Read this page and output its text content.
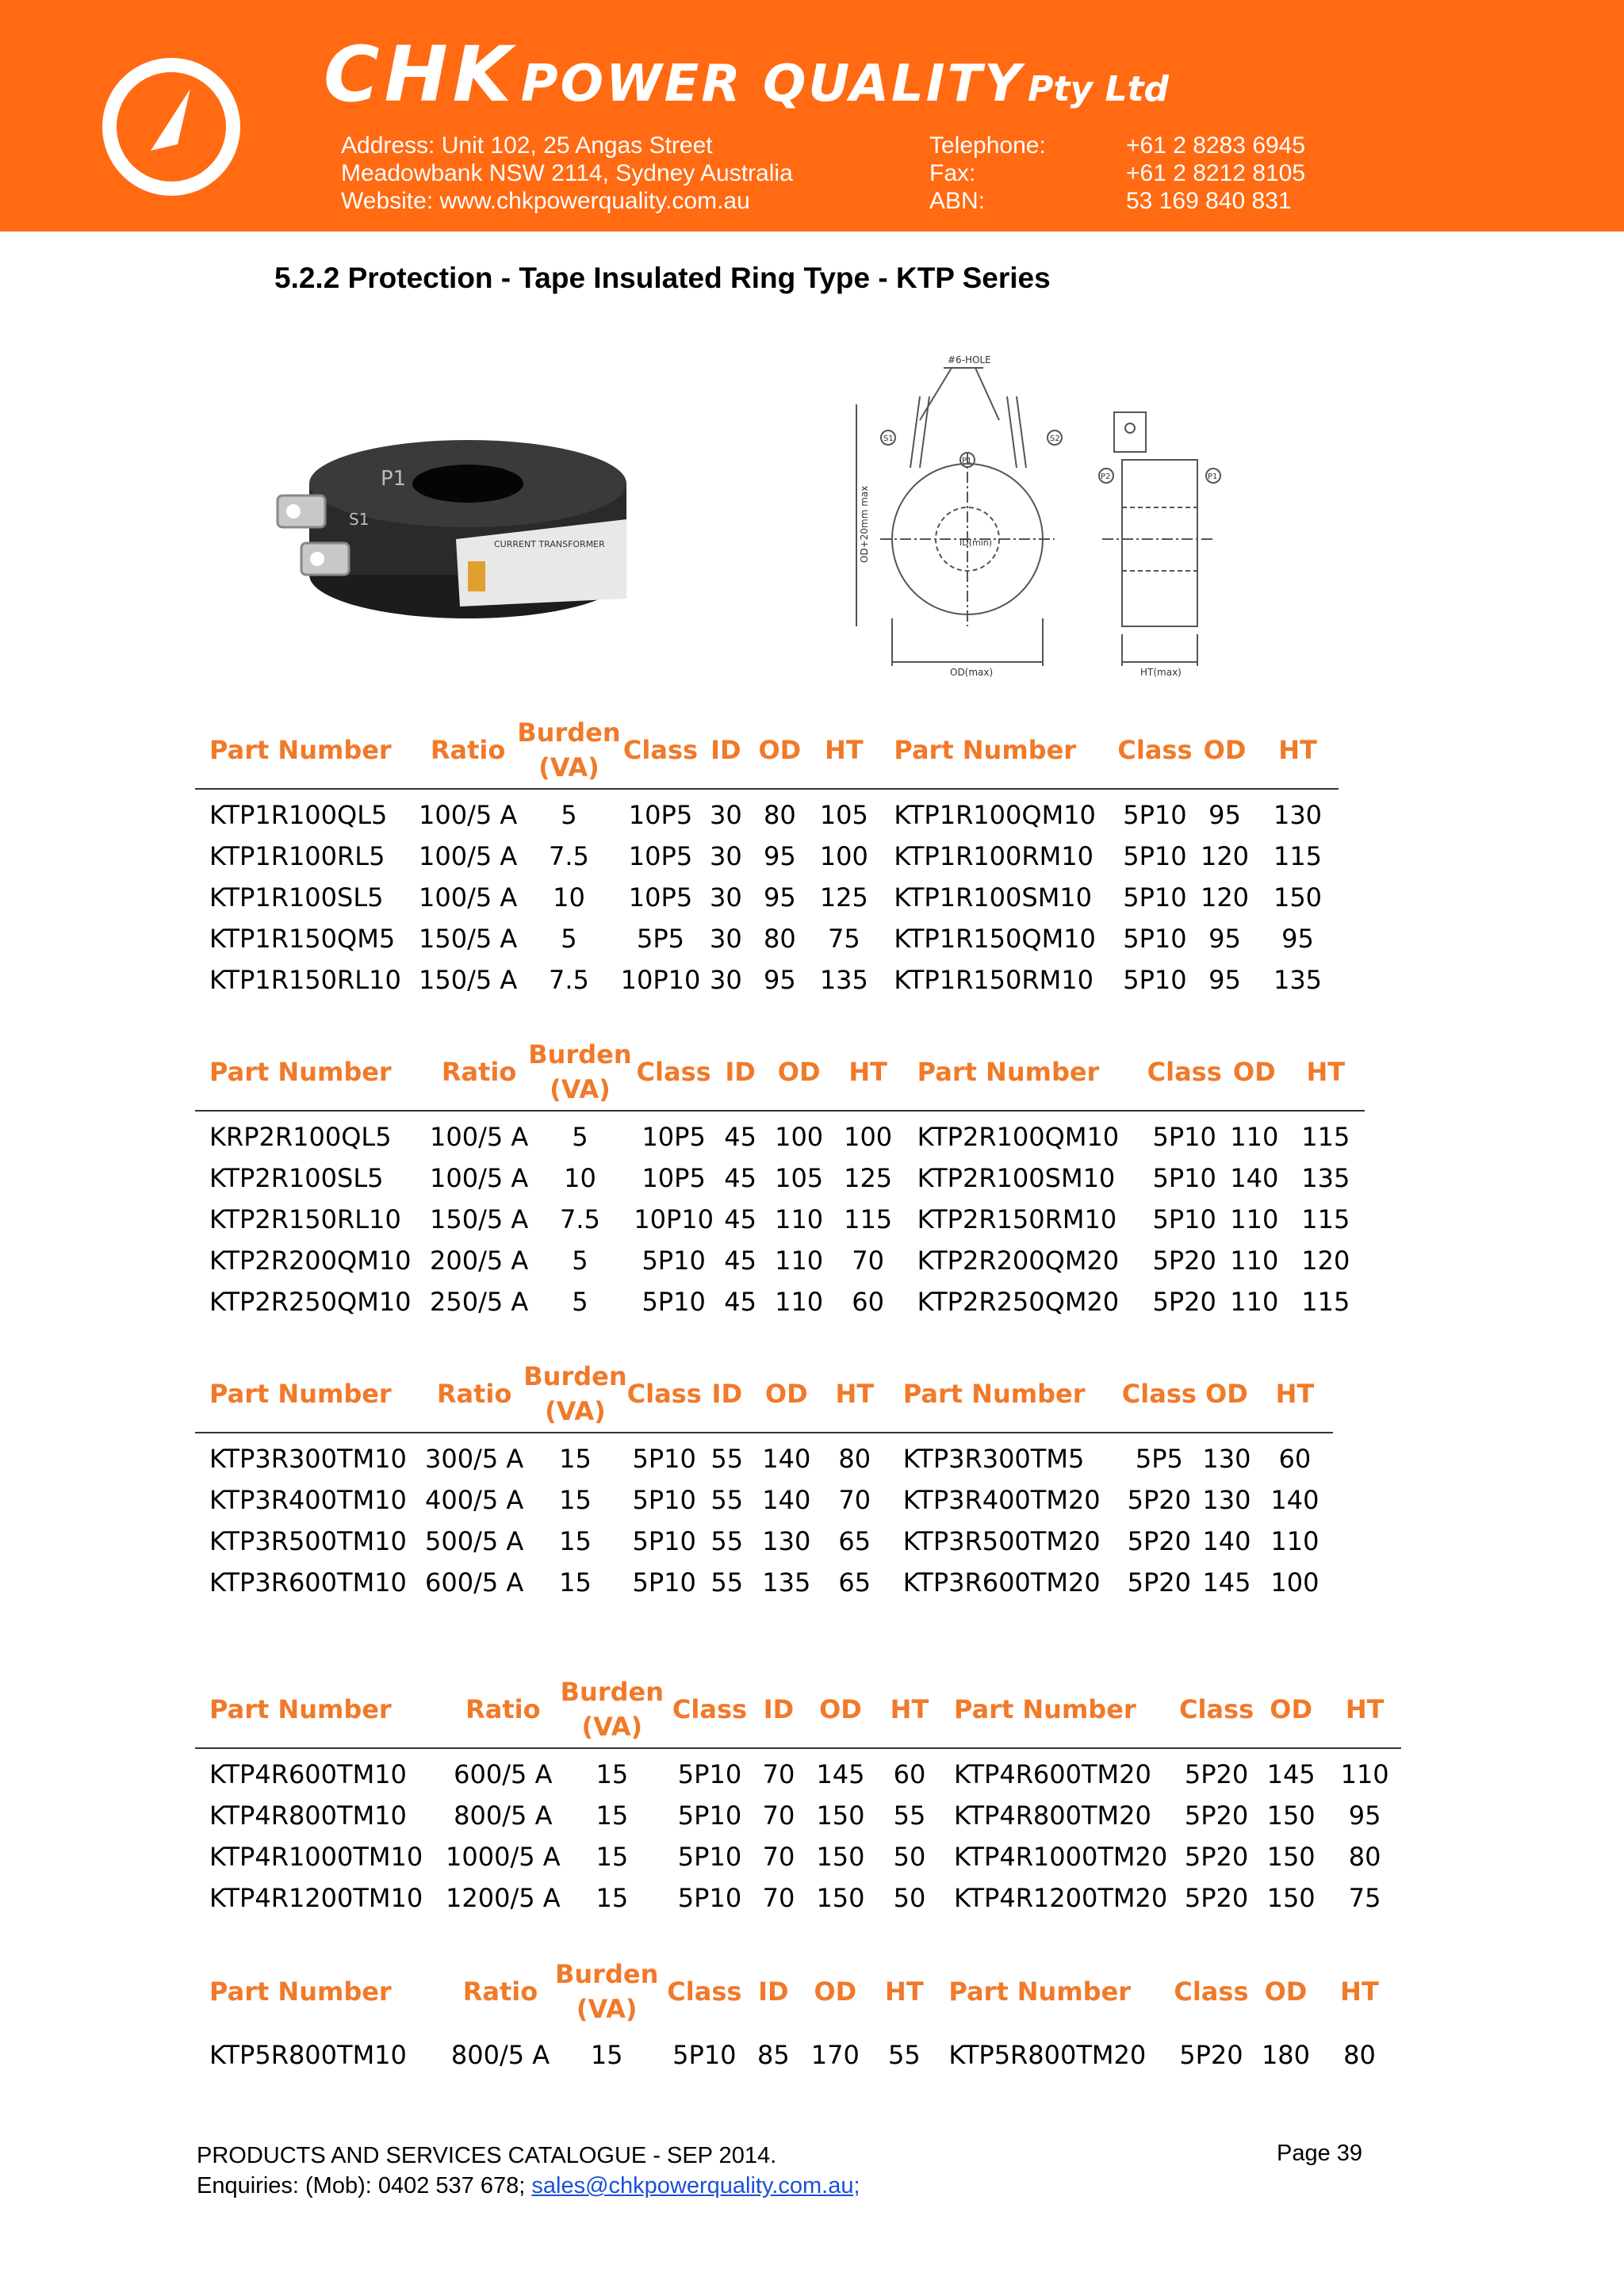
CHK POWER QUALITY Pty Ltd
Address: Unit 102, 25 Angas Street
Meadowbank NSW 2114, Sydney Australia
Website: www.chkpowerquality.com.au
Telephone:	+61 2 8283 6945
Fax:	+61 2 8212 8105
ABN:	53 169 840 831
5.2.2 Protection - Tape Insulated Ring Type - KTP Series
P1
S1
CURRENT TRANSFORMER
#6-HOLE
S1	S2
P1
ID(min)
OD(max)
OD+20mm max
P2	P1
HT(max)
Part Number	Ratio	Burden
(VA)	Class	ID	OD	HT	Part Number	Class	OD	HT
KTP1R100QL5	100/5 A	5	10P5	30	80	105	KTP1R100QM10	5P10	95	130
KTP1R100RL5	100/5 A	7.5	10P5	30	95	100	KTP1R100RM10	5P10	120	115
KTP1R100SL5	100/5 A	10	10P5	30	95	125	KTP1R100SM10	5P10	120	150
KTP1R150QM5	150/5 A	5	5P5	30	80	75	KTP1R150QM10	5P10	95	95
KTP1R150RL10	150/5 A	7.5	10P10	30	95	135	KTP1R150RM10	5P10	95	135
Part Number	Ratio	Burden
(VA)	Class	ID	OD	HT	Part Number	Class	OD	HT
KRP2R100QL5	100/5 A	5	10P5	45	100	100	KTP2R100QM10	5P10	110	115
KTP2R100SL5	100/5 A	10	10P5	45	105	125	KTP2R100SM10	5P10	140	135
KTP2R150RL10	150/5 A	7.5	10P10	45	110	115	KTP2R150RM10	5P10	110	115
KTP2R200QM10	200/5 A	5	5P10	45	110	70	KTP2R200QM20	5P20	110	120
KTP2R250QM10	250/5 A	5	5P10	45	110	60	KTP2R250QM20	5P20	110	115
Part Number	Ratio	Burden
(VA)	Class	ID	OD	HT	Part Number	Class	OD	HT
KTP3R300TM10	300/5 A	15	5P10	55	140	80	KTP3R300TM5	5P5	130	60
KTP3R400TM10	400/5 A	15	5P10	55	140	70	KTP3R400TM20	5P20	130	140
KTP3R500TM10	500/5 A	15	5P10	55	130	65	KTP3R500TM20	5P20	140	110
KTP3R600TM10	600/5 A	15	5P10	55	135	65	KTP3R600TM20	5P20	145	100
Part Number	Ratio	Burden
(VA)	Class	ID	OD	HT	Part Number	Class	OD	HT
KTP4R600TM10	600/5 A	15	5P10	70	145	60	KTP4R600TM20	5P20	145	110
KTP4R800TM10	800/5 A	15	5P10	70	150	55	KTP4R800TM20	5P20	150	95
KTP4R1000TM10	1000/5 A	15	5P10	70	150	50	KTP4R1000TM20	5P20	150	80
KTP4R1200TM10	1200/5 A	15	5P10	70	150	50	KTP4R1200TM20	5P20	150	75
Part Number	Ratio	Burden
(VA)	Class	ID	OD	HT	Part Number	Class	OD	HT
KTP5R800TM10	800/5 A	15	5P10	85	170	55	KTP5R800TM20	5P20	180	80
PRODUCTS AND SERVICES CATALOGUE - SEP 2014.
Enquiries: (Mob): 0402 537 678; sales@chkpowerquality.com.au;
Page 39
